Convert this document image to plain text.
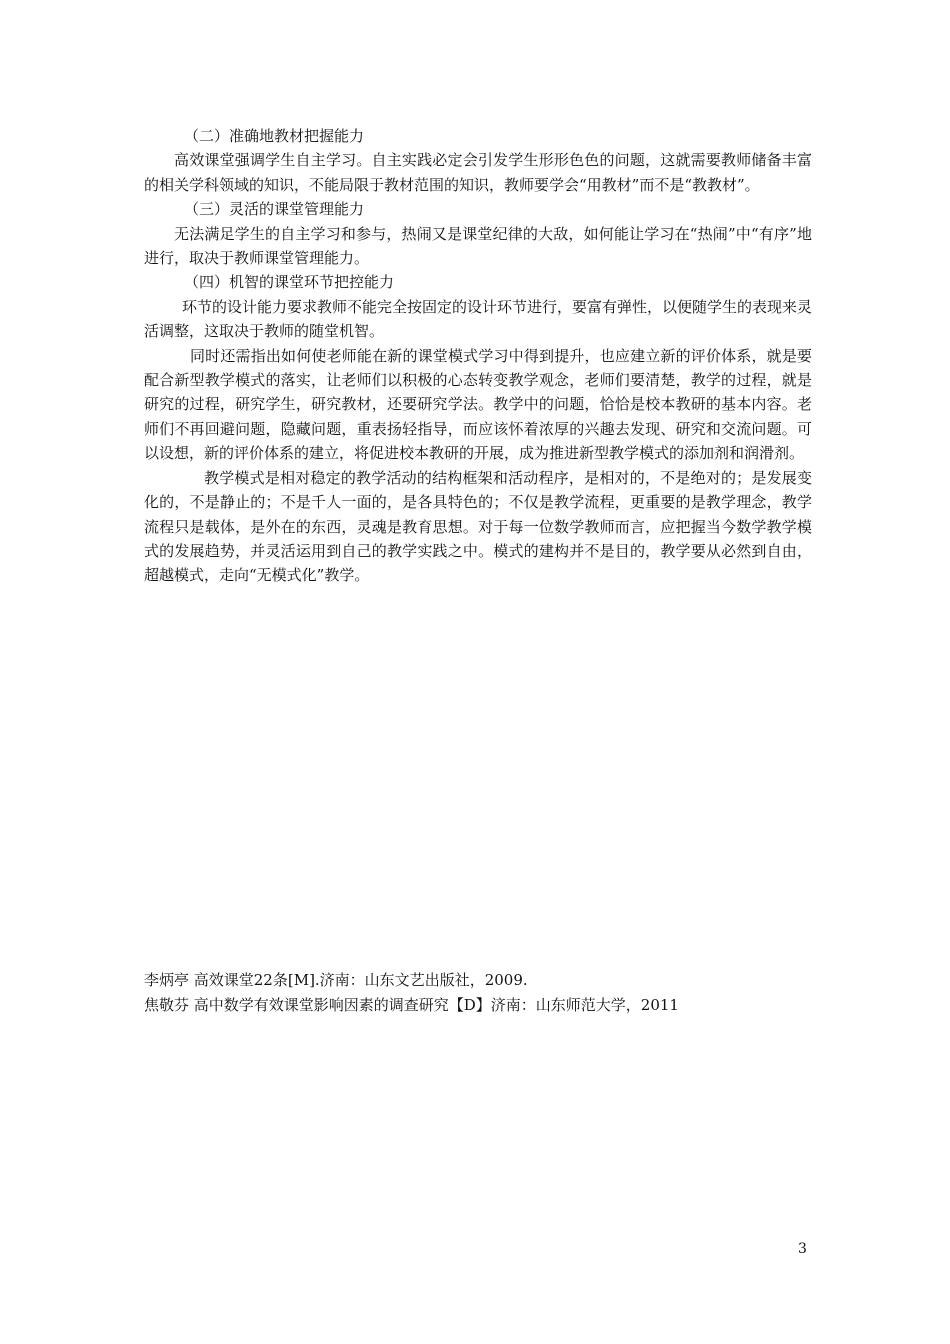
（二）准确地教材把握能力

高效课堂强调学生自主学习。自主实践必定会引发学生形形色色的问题，这就需要教师储备丰富的相关学科领域的知识，不能局限于教材范围的知识，教师要学会“用教材”而不是“教教材”。

（三）灵活的课堂管理能力

无法满足学生的自主学习和参与，热闹又是课堂纪律的大敌，如何能让学习在“热闹”中“有序”地进行，取决于教师课堂管理能力。

（四）机智的课堂环节把控能力

环节的设计能力要求教师不能完全按固定的设计环节进行，要富有弹性，以便随学生的表现来灵活调整，这取决于教师的随堂机智。

同时还需指出如何使老师能在新的课堂模式学习中得到提升，也应建立新的评价体系，就是要配合新型教学模式的落实，让老师们以积极的心态转变教学观念，老师们要清楚，教学的过程，就是研究的过程，研究学生，研究教材，还要研究学法。教学中的问题，恰恰是校本教研的基本内容。老师们不再回避问题，隐藏问题，重表扬轻指导，而应该怀着浓厚的兴趣去发现、研究和交流问题。可以设想，新的评价体系的建立，将促进校本教研的开展，成为推进新型教学模式的添加剂和润滑剂。

教学模式是相对稳定的教学活动的结构框架和活动程序，是相对的，不是绝对的；是发展变化的，不是静止的；不是千人一面的，是各具特色的；不仅是教学流程，更重要的是教学理念，教学流程只是载体，是外在的东西，灵魂是教育思想。对于每一位数学教师而言，应把握当今数学教学模式的发展趋势，并灵活运用到自己的教学实践之中。模式的建构并不是目的，教学要从必然到自由，超越模式，走向“无模式化”教学。

李炳亭 高效课堂22条[M].济南：山东文艺出版社，2009.

焦敬芬 高中数学有效课堂影响因素的调查研究【D】济南：山东师范大学，2011

3
